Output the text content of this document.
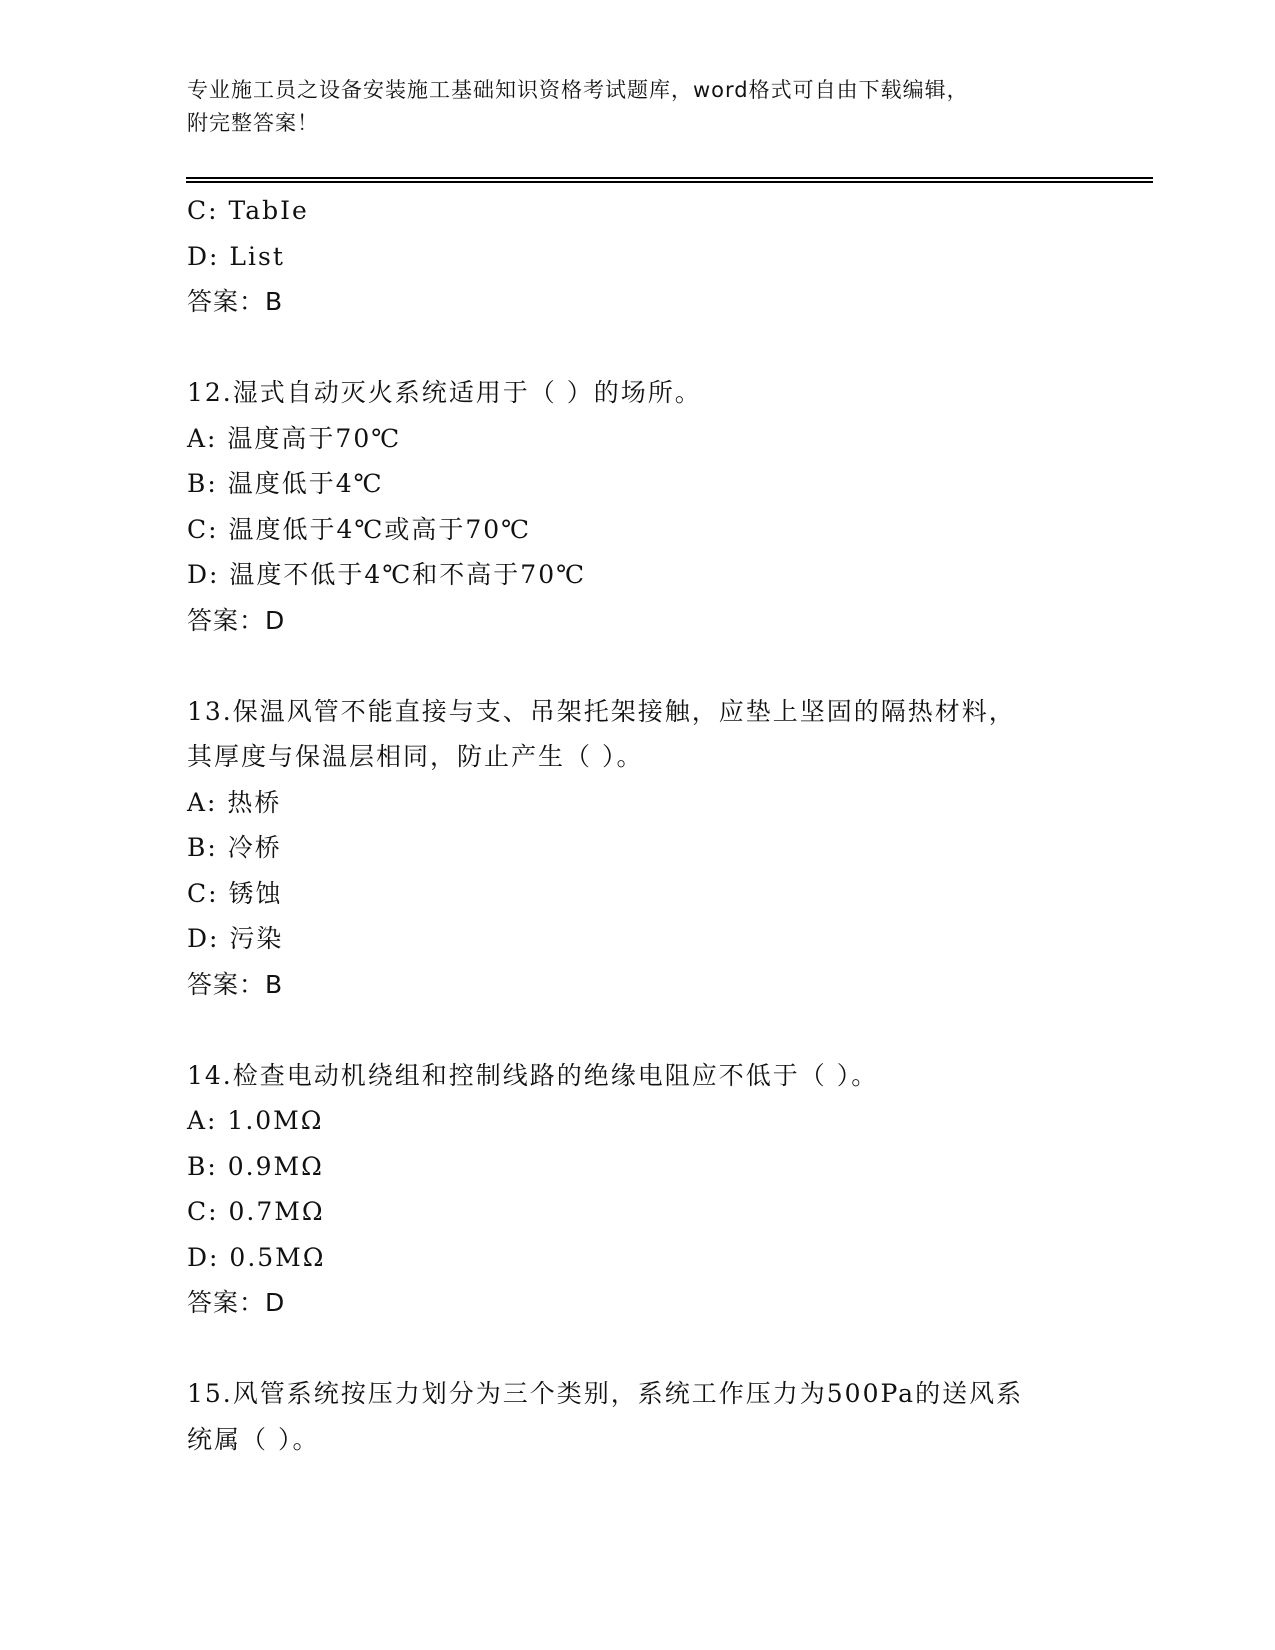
专业施工员之设备安装施工基础知识资格考试题库，word格式可自由下载编辑，
附完整答案！
C: TabIe
D: List
答案：B
12.湿式自动灭火系统适用于（ ）的场所。
A: 温度高于70℃
B: 温度低于4℃
C: 温度低于4℃或高于70℃
D: 温度不低于4℃和不高于70℃
答案：D
13.保温风管不能直接与支、吊架托架接触，应垫上坚固的隔热材料，
其厚度与保温层相同，防止产生（ ）。
A: 热桥
B: 冷桥
C: 锈蚀
D: 污染
答案：B
14.检查电动机绕组和控制线路的绝缘电阻应不低于（ ）。
A: 1.0MΩ
B: 0.9MΩ
C: 0.7MΩ
D: 0.5MΩ
答案：D
15.风管系统按压力划分为三个类别，系统工作压力为500Pa的送风系
统属（ ）。
